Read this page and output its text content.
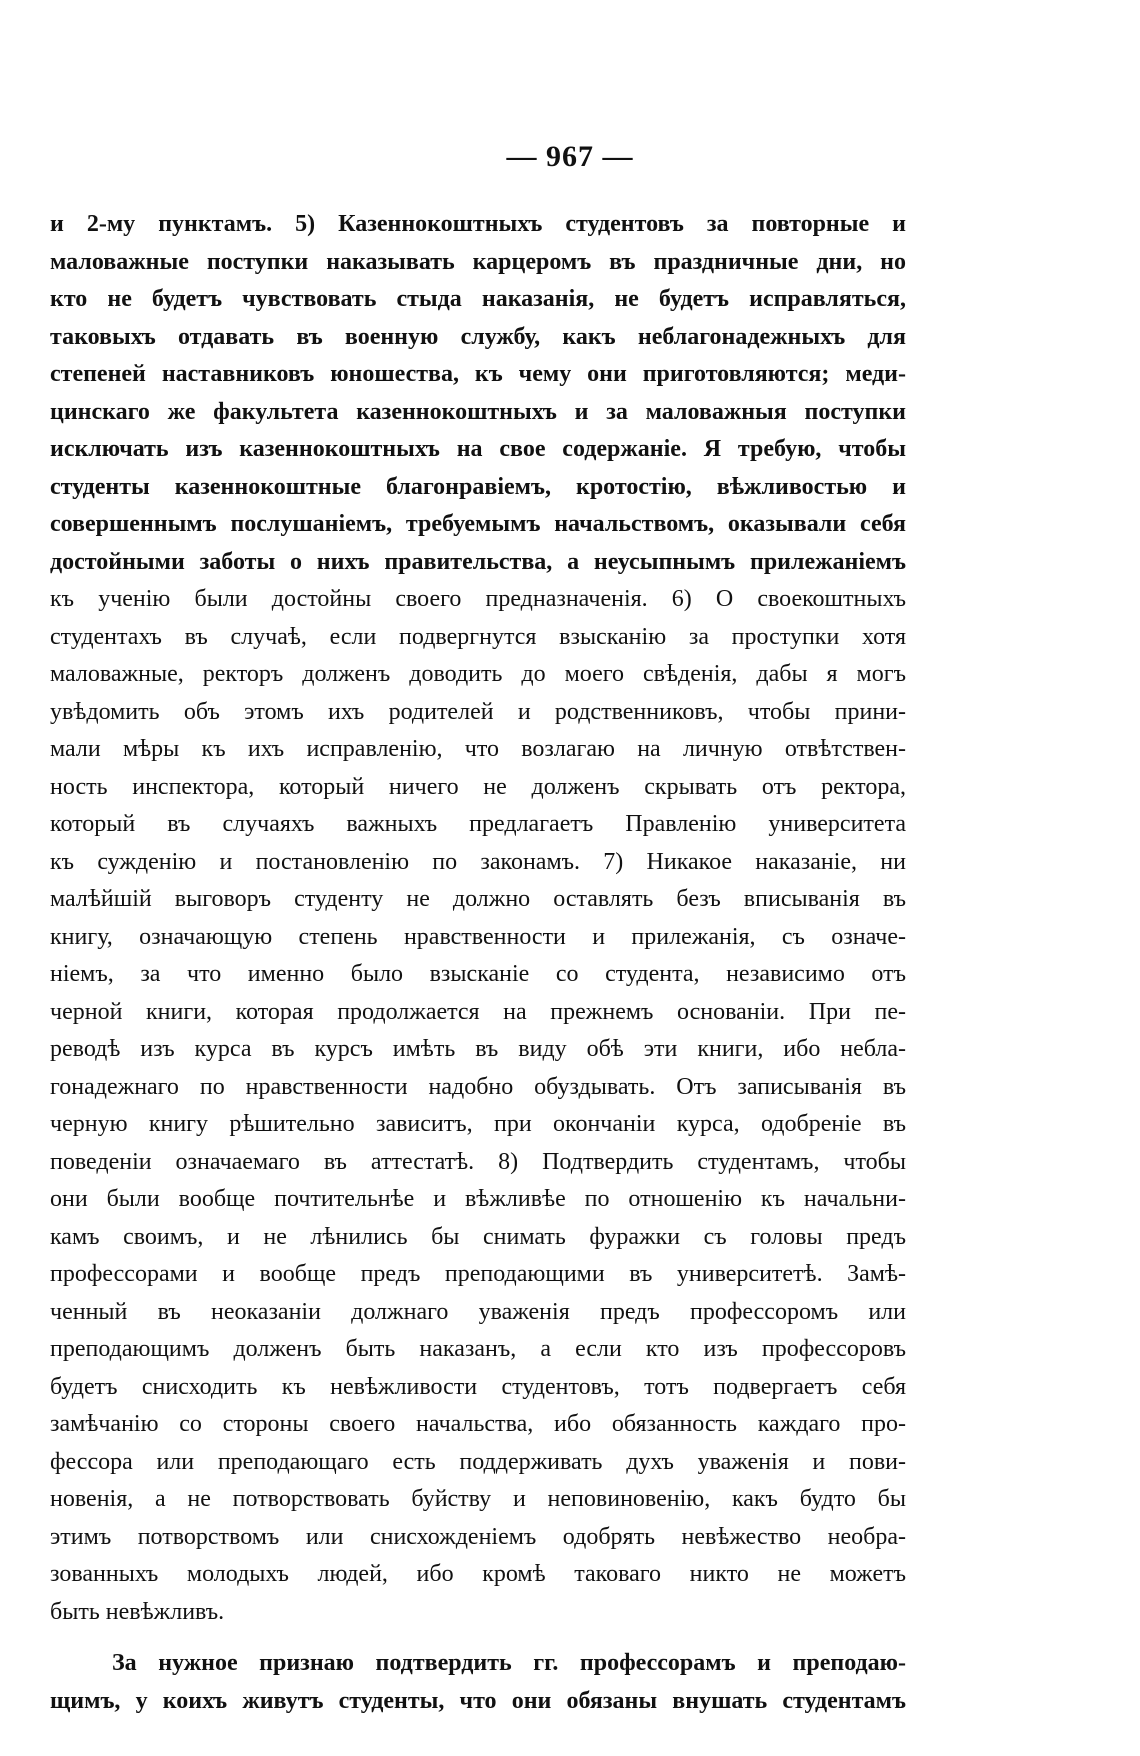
— 967 —
и 2-му пунктамъ. 5) Казеннокоштныхъ студентовъ за повторные и
маловажные поступки наказывать карцеромъ въ праздничные дни, но
кто не будетъ чувствовать стыда наказанія, не будетъ исправляться,
таковыхъ отдавать въ военную службу, какъ неблагонадежныхъ для
степеней наставниковъ юношества, къ чему они приготовляются; меди-
цинскаго же факультета казеннокоштныхъ и за маловажныя поступки
исключать изъ казеннокоштныхъ на свое содержаніе. Я требую, чтобы
студенты казеннокоштные благонравіемъ, кротостію, вѣжливостью и
совершеннымъ послушаніемъ, требуемымъ начальствомъ, оказывали себя
достойными заботы о нихъ правительства, а неусыпнымъ прилежаніемъ
къ ученію были достойны своего предназначенія. 6) О своекоштныхъ
студентахъ въ случаѣ, если подвергнутся взысканію за проступки хотя
маловажные, ректоръ долженъ доводить до моего свѣденія, дабы я могъ
увѣдомить объ этомъ ихъ родителей и родственниковъ, чтобы прини-
мали мѣры къ ихъ исправленію, что возлагаю на личную отвѣтствен-
ность инспектора, который ничего не долженъ скрывать отъ ректора,
который въ случаяхъ важныхъ предлагаетъ Правленію университета
къ сужденію и постановленію по законамъ. 7) Никакое наказаніе, ни
малѣйшій выговоръ студенту не должно оставлять безъ вписыванія въ
книгу, означающую степень нравственности и прилежанія, съ означе-
ніемъ, за что именно было взысканіе со студента, независимо отъ
черной книги, которая продолжается на прежнемъ основаніи. При пе-
реводѣ изъ курса въ курсъ имѣть въ виду обѣ эти книги, ибо небла-
гонадежнаго по нравственности надобно обуздывать. Отъ записыванія въ
черную книгу рѣшительно зависитъ, при окончаніи курса, одобреніе въ
поведеніи означаемаго въ аттестатѣ. 8) Подтвердить студентамъ, чтобы
они были вообще почтительнѣе и вѣжливѣе по отношенію къ начальни-
камъ своимъ, и не лѣнились бы снимать фуражки съ головы предъ
профессорами и вообще предъ преподающими въ университетѣ. Замѣ-
ченный въ неоказаніи должнаго уваженія предъ профессоромъ или
преподающимъ долженъ быть наказанъ, а если кто изъ профессоровъ
будетъ снисходить къ невѣжливости студентовъ, тотъ подвергаетъ себя
замѣчанію со стороны своего начальства, ибо обязанность каждаго про-
фессора или преподающаго есть поддерживать духъ уваженія и пови-
новенія, а не потворствовать буйству и неповиновенію, какъ будто бы
этимъ потворствомъ или снисхожденіемъ одобрять невѣжество необра-
зованныхъ молодыхъ людей, ибо кромѣ таковаго никто не можетъ
быть невѣжливъ.
За нужное признаю подтвердить гг. профессорамъ и преподаю-
щимъ, у коихъ живутъ студенты, что они обязаны внушать студентамъ
